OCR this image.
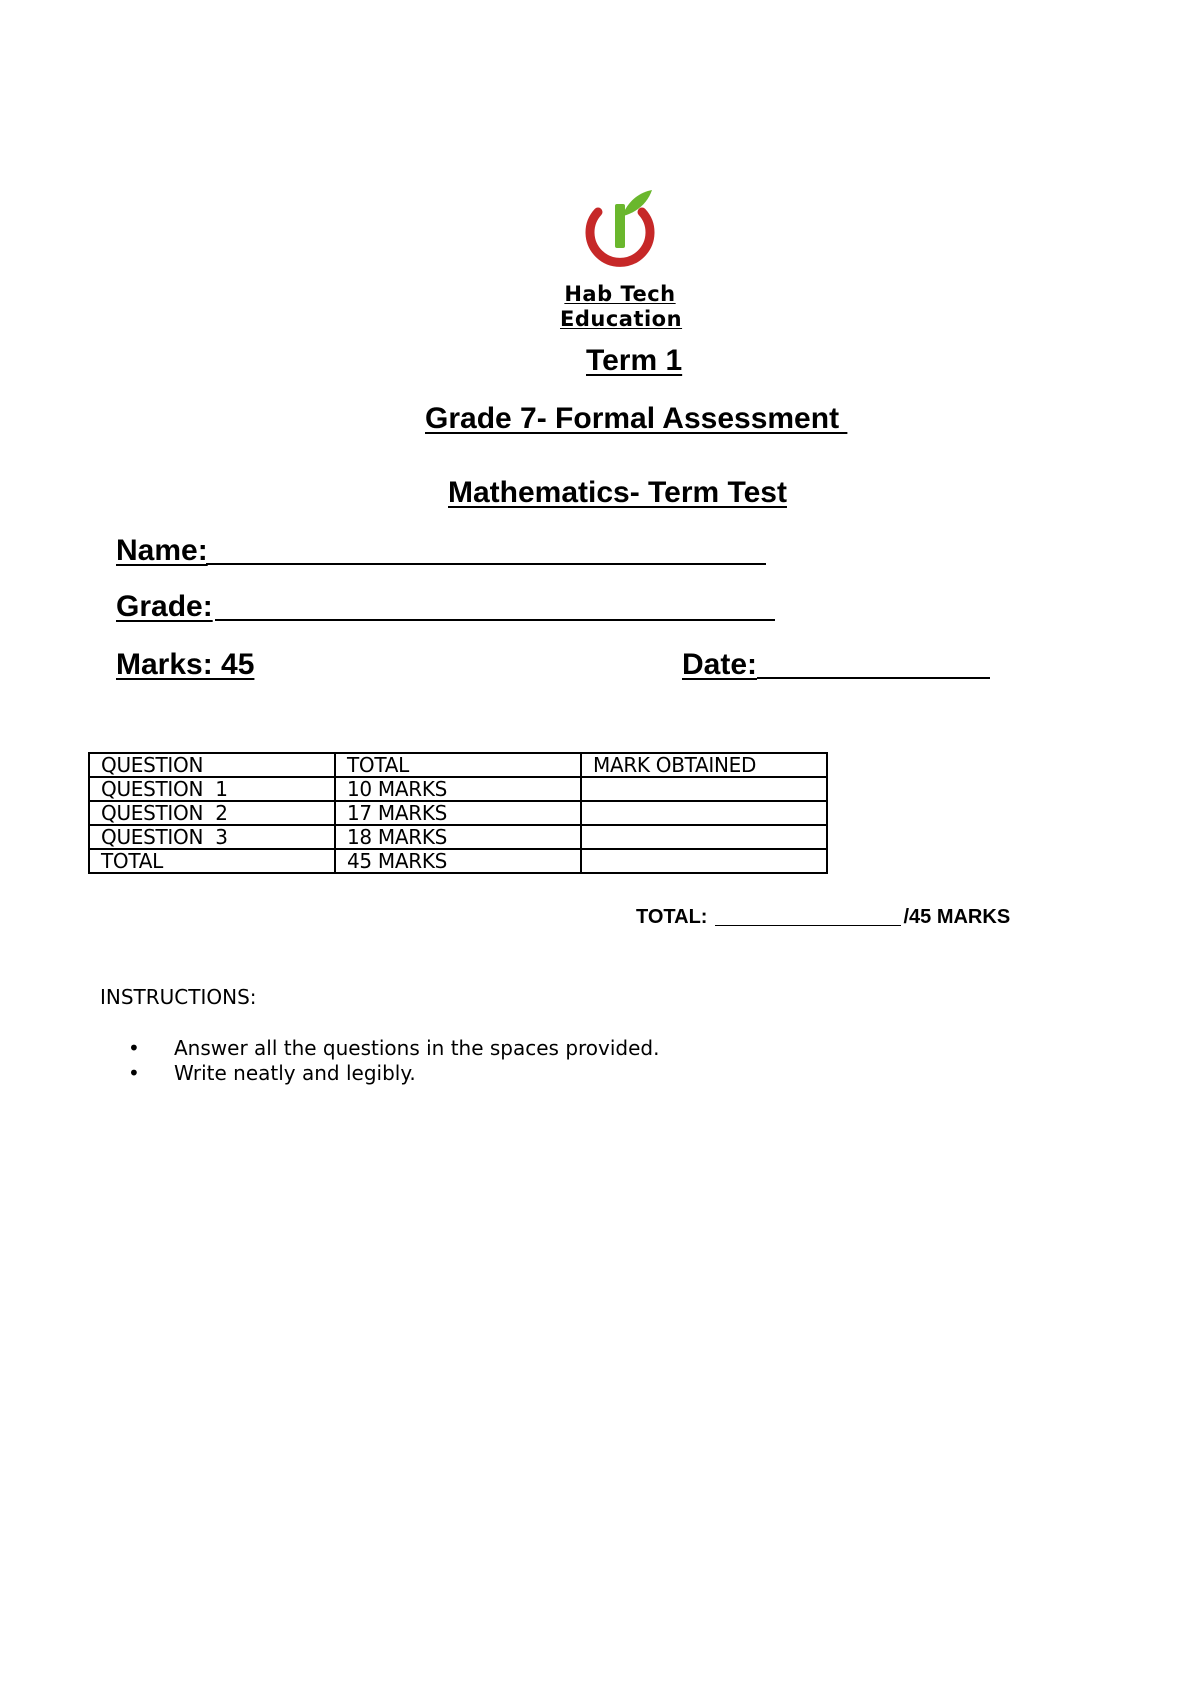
Hab Tech
Education
Term 1
Grade 7- Formal Assessment
Mathematics- Term Test
Name:
Grade:
Marks: 45	Date:
QUESTION	TOTAL	MARK OBTAINED
QUESTION  1	10 MARKS	
QUESTION  2	17 MARKS	
QUESTION  3	18 MARKS	
TOTAL	45 MARKS	
TOTAL:	/45 MARKS
INSTRUCTIONS:
•	Answer all the questions in the spaces provided.
•	Write neatly and legibly.
